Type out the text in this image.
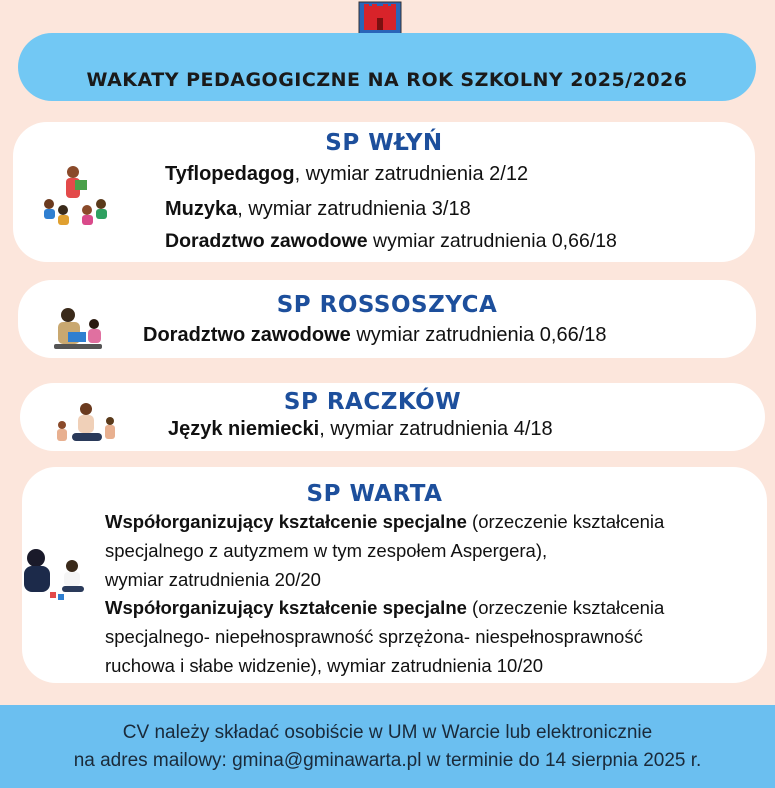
WAKATY PEDAGOGICZNE NA ROK SZKOLNY 2025/2026
SP WŁYŃ
Tyflopedagog, wymiar zatrudnienia 2/12
Muzyka, wymiar zatrudnienia 3/18
Doradztwo zawodowe wymiar zatrudnienia 0,66/18
SP ROSSOSZYCA
Doradztwo zawodowe wymiar zatrudnienia 0,66/18
SP RACZKÓW
Język niemiecki, wymiar zatrudnienia 4/18
SP WARTA
Współorganizujący kształcenie specjalne (orzeczenie kształcenia
specjalnego z autyzmem w tym zespołem Aspergera),
wymiar zatrudnienia 20/20
Współorganizujący kształcenie specjalne (orzeczenie kształcenia
specjalnego- niepełnosprawność sprzężona- niespełnosprawność
ruchowa i słabe widzenie), wymiar zatrudnienia 10/20
CV należy składać osobiście w UM w Warcie lub elektronicznie
na adres mailowy: gmina@gminawarta.pl w terminie do 14 sierpnia 2025 r.
